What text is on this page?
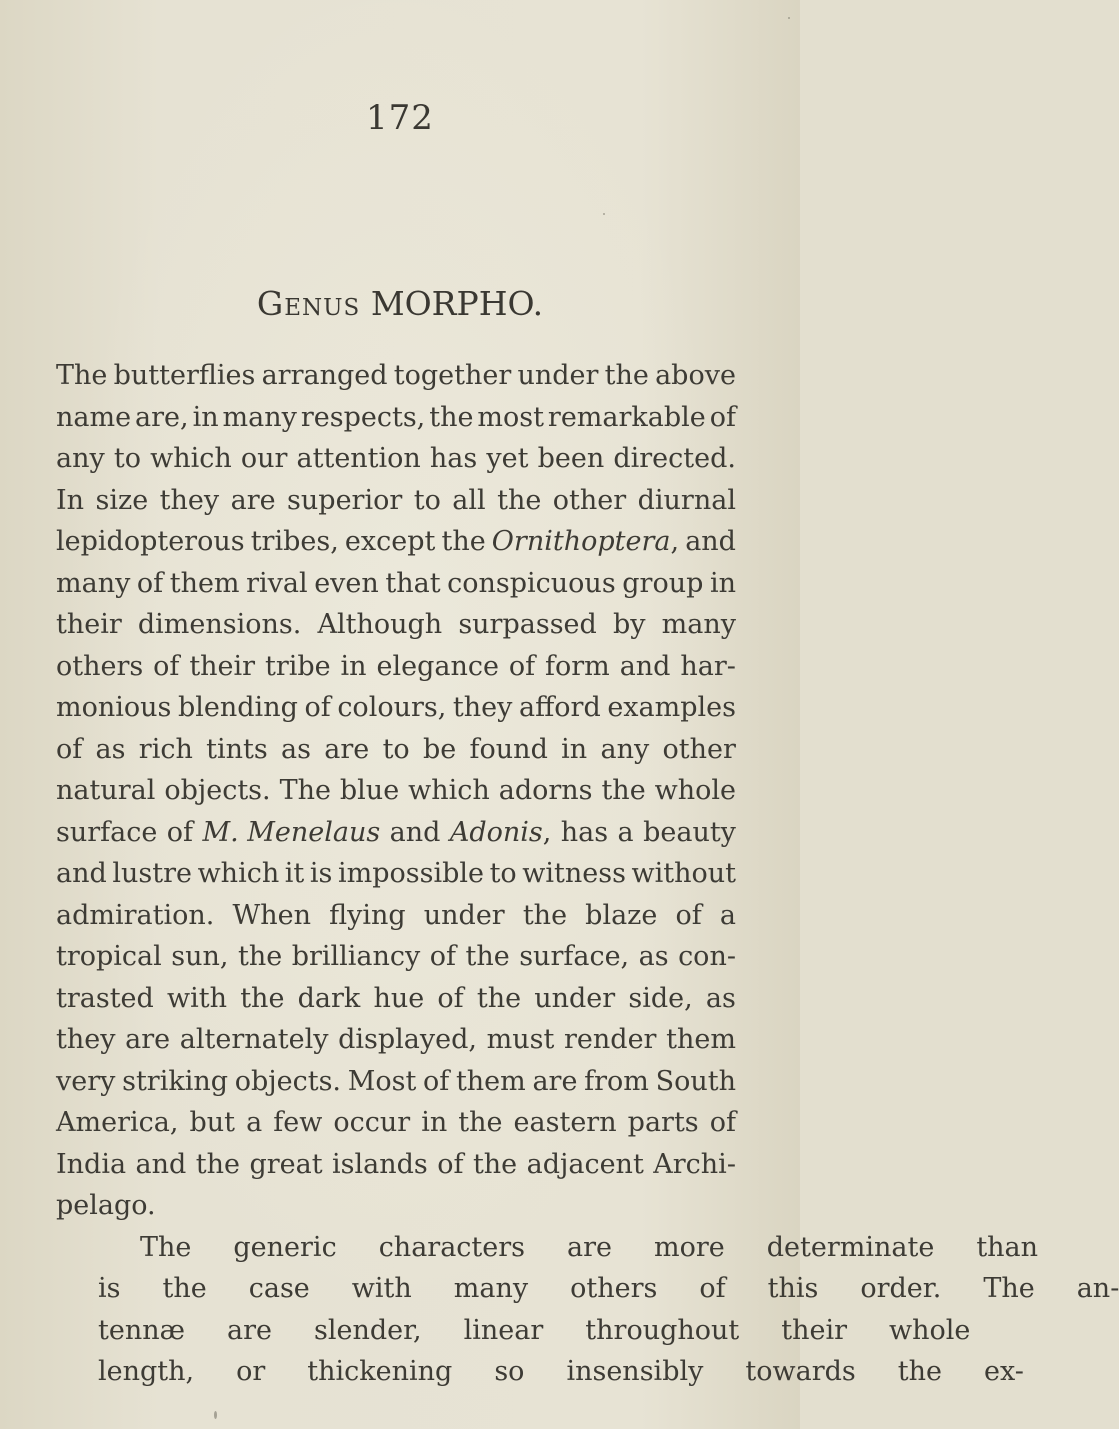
172
Genus MORPHO.
The butterflies arranged together under the above
name are, in many respects, the most remarkable of
any to which our attention has yet been directed.
In size they are superior to all the other diurnal
lepidopterous tribes, except the Ornithoptera, and
many of them rival even that conspicuous group in
their dimensions. Although surpassed by many
others of their tribe in elegance of form and har-
monious blending of colours, they afford examples
of as rich tints as are to be found in any other
natural objects. The blue which adorns the whole
surface of M. Menelaus and Adonis, has a beauty
and lustre which it is impossible to witness without
admiration. When flying under the blaze of a
tropical sun, the brilliancy of the surface, as con-
trasted with the dark hue of the under side, as
they are alternately displayed, must render them
very striking objects. Most of them are from South
America, but a few occur in the eastern parts of
India and the great islands of the adjacent Archi-
pelago.
The	generic	characters	are	more	determinate	than
is	the	case	with	many	others	of	this	order.	The	an-
tennæ	are	slender,	linear	throughout	their	whole
length,	or	thickening	so	insensibly	towards	the	ex-
